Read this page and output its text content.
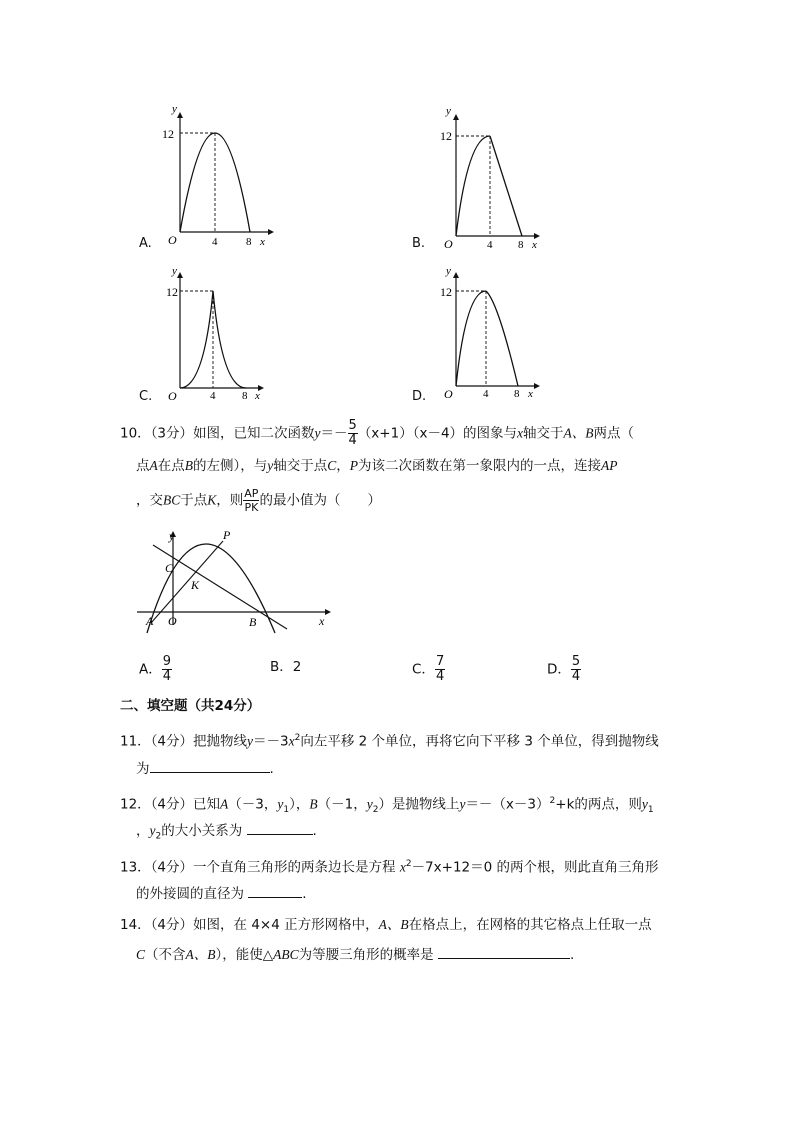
y
12
O	4	8 x
A.
y
12
O	4 8 x
B.
y
12
O	4 8 x
C.
y
12
O	4 8 x
D.
10．（3分）如图，已知二次函数$y=- \frac{5}{4} (x+1)(x-4)$的图象与x轴交于A、B两点（
点A在点B的左侧），与y轴交于点C，P为该二次函数在第一象限内的一点，连接AP
，交BC于点K，则 $\frac{AP}{PK}$ 的最小值为（　　）
y	P
C
K
A O	B	x
A． $\frac{9}{4}$	B．2	C． $\frac{7}{4}$	D． $\frac{5}{4}$
二、填空题（共24分）
11．（4分）把抛物线$y=-3x^2$向左平移 2 个单位，再将它向下平移 3 个单位，得到抛物线
为	.
12．（4分）已知A（－3，$y_1$），B（－1，$y_2$）是抛物线上$y=-(x-3)^2+k$的两点，则$y_1$
，$y_2$的大小关系为	.
13．（4分）一个直角三角形的两条边长是方程 $x^2-7x+12=0$ 的两个根，则此直角三角形
的外接圆的直径为	.
14．（4分）如图，在 4×4 正方形网格中，A、B在格点上，在网格的其它格点上任取一点
C（不含A、B），能使△ABC为等腰三角形的概率是	.
